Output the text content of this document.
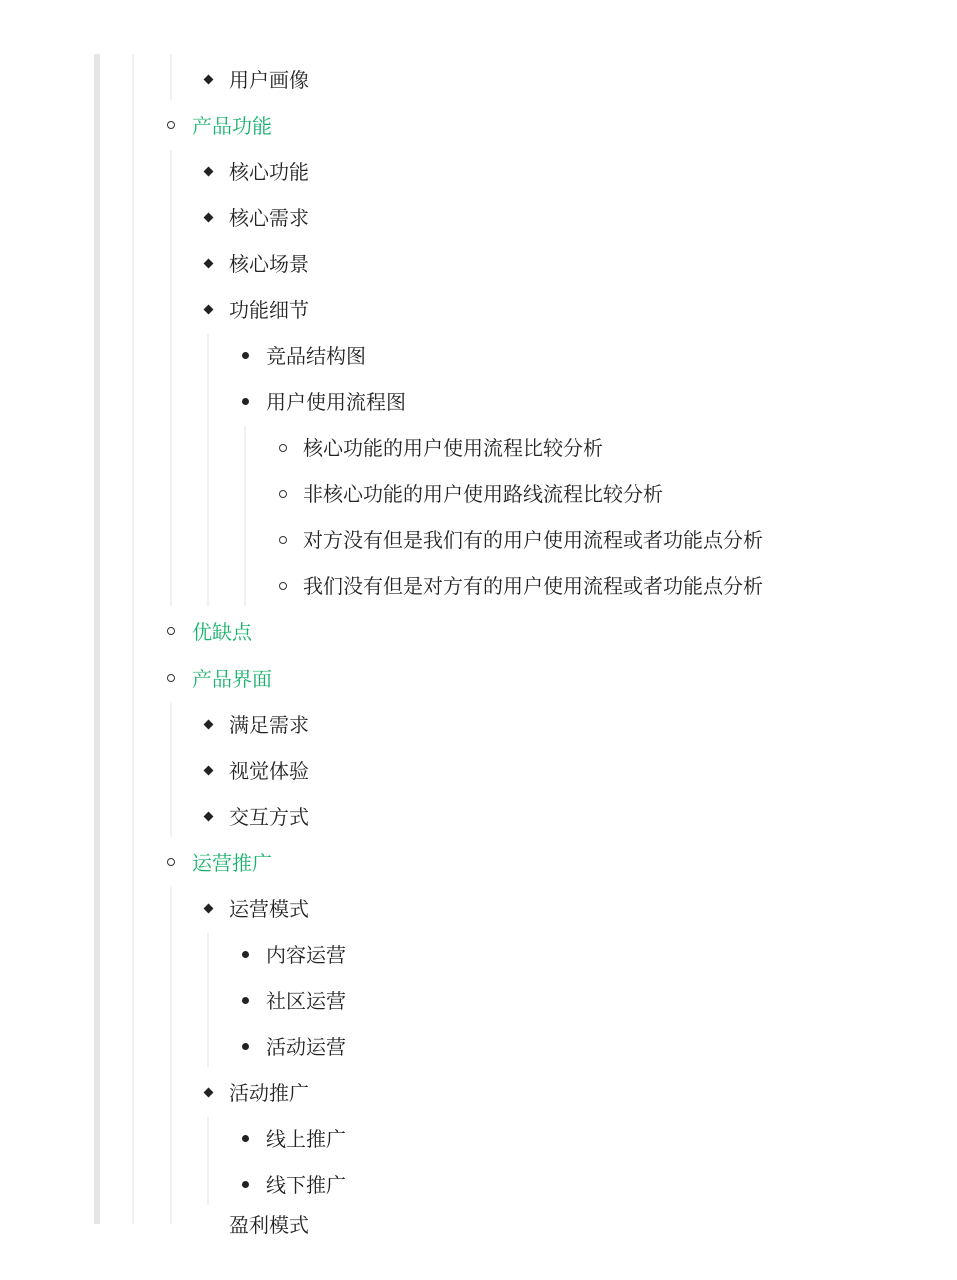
用户画像
产品功能
核心功能
核心需求
核心场景
功能细节
竞品结构图
用户使用流程图
核心功能的用户使用流程比较分析
非核心功能的用户使用路线流程比较分析
对方没有但是我们有的用户使用流程或者功能点分析
我们没有但是对方有的用户使用流程或者功能点分析
优缺点
产品界面
满足需求
视觉体验
交互方式
运营推广
运营模式
内容运营
社区运营
活动运营
活动推广
线上推广
线下推广
盈利模式
